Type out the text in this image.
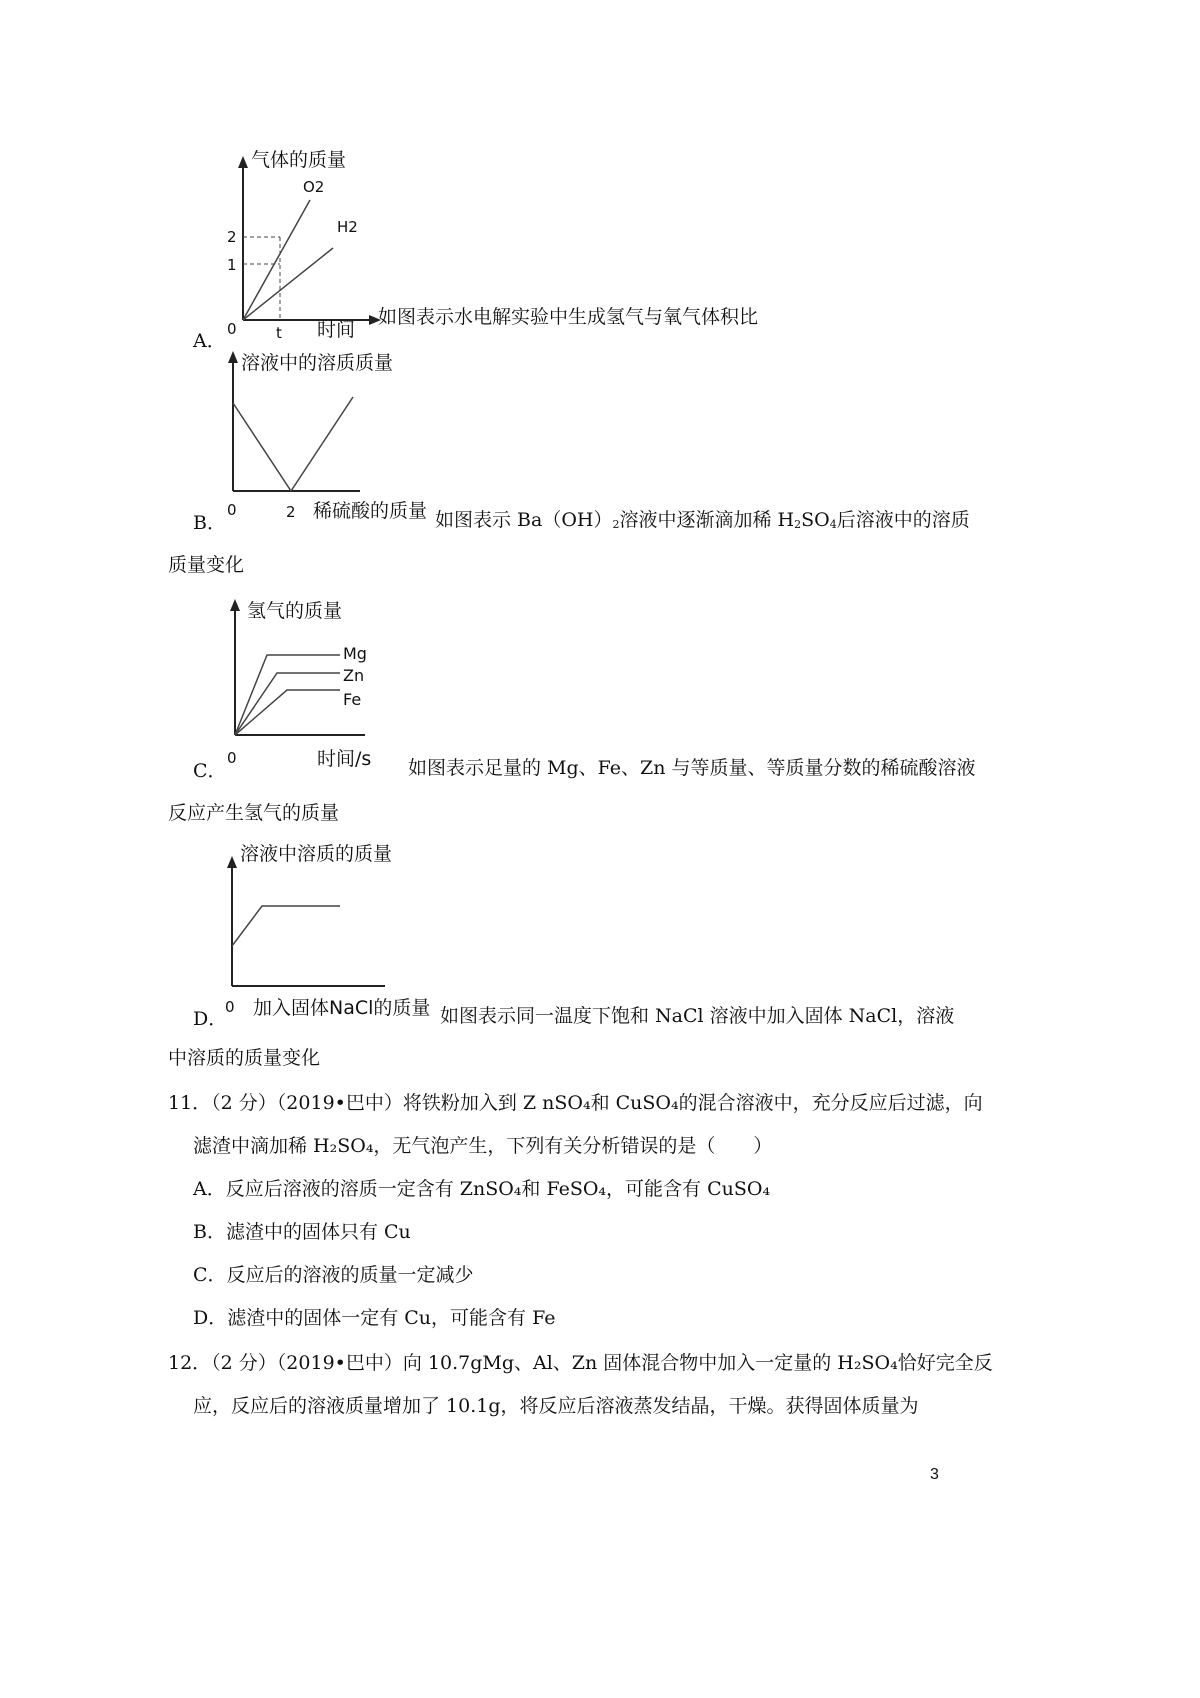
气体的质量
O2
H2
2
1
0	t 时间
A．
如图表示水电解实验中生成氢气与氧气体积比
溶液中的溶质质量
0	2 稀硫酸的质量
B．	如图表示 Ba（OH）2溶液中逐渐滴加稀 H2SO4后溶液中的溶质
质量变化
氢气的质量
Mg
Zn
Fe
0	时间/s
C．	如图表示足量的 Mg、Fe、Zn 与等质量、等质量分数的稀硫酸溶液
反应产生氢气的质量
溶液中溶质的质量
0 加入固体NaCl的质量
D．	如图表示同一温度下饱和 NaCl 溶液中加入固体 NaCl，溶液
中溶质的质量变化
11．（2 分）（2019•巴中）将铁粉加入到 Z nSO₄和 CuSO₄的混合溶液中，充分反应后过滤，向
滤渣中滴加稀 H₂SO₄，无气泡产生，下列有关分析错误的是（　　）
A．反应后溶液的溶质一定含有 ZnSO₄和 FeSO₄，可能含有 CuSO₄
B．滤渣中的固体只有 Cu
C．反应后的溶液的质量一定减少
D．滤渣中的固体一定有 Cu，可能含有 Fe
12．（2 分）（2019•巴中）向 10.7gMg、Al、Zn 固体混合物中加入一定量的 H₂SO₄恰好完全反
应，反应后的溶液质量增加了 10.1g，将反应后溶液蒸发结晶，干燥。获得固体质量为
3
